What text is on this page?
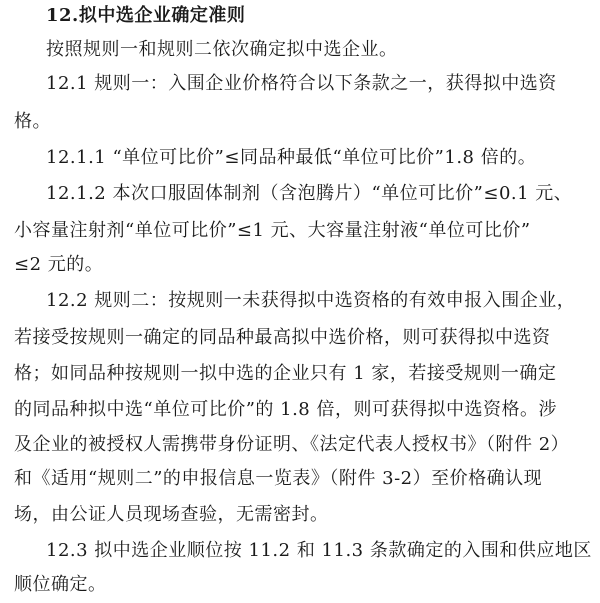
12.拟中选企业确定准则
按照规则一和规则二依次确定拟中选企业。
12.1 规则一：入围企业价格符合以下条款之一，获得拟中选资
格。
12.1.1 “单位可比价”≤同品种最低“单位可比价”1.8 倍的。
12.1.2 本次口服固体制剂（含泡腾片）“单位可比价”≤0.1 元、
小容量注射剂“单位可比价”≤1 元、大容量注射液“单位可比价”
≤2 元的。
12.2 规则二：按规则一未获得拟中选资格的有效申报入围企业，
若接受按规则一确定的同品种最高拟中选价格，则可获得拟中选资
格；如同品种按规则一拟中选的企业只有 1 家，若接受规则一确定
的同品种拟中选“单位可比价”的 1.8 倍，则可获得拟中选资格。涉
及企业的被授权人需携带身份证明、《法定代表人授权书》（附件 2）
和《适用“规则二”的申报信息一览表》（附件 3-2）至价格确认现
场，由公证人员现场查验，无需密封。
12.3 拟中选企业顺位按 11.2 和 11.3 条款确定的入围和供应地区
顺位确定。
